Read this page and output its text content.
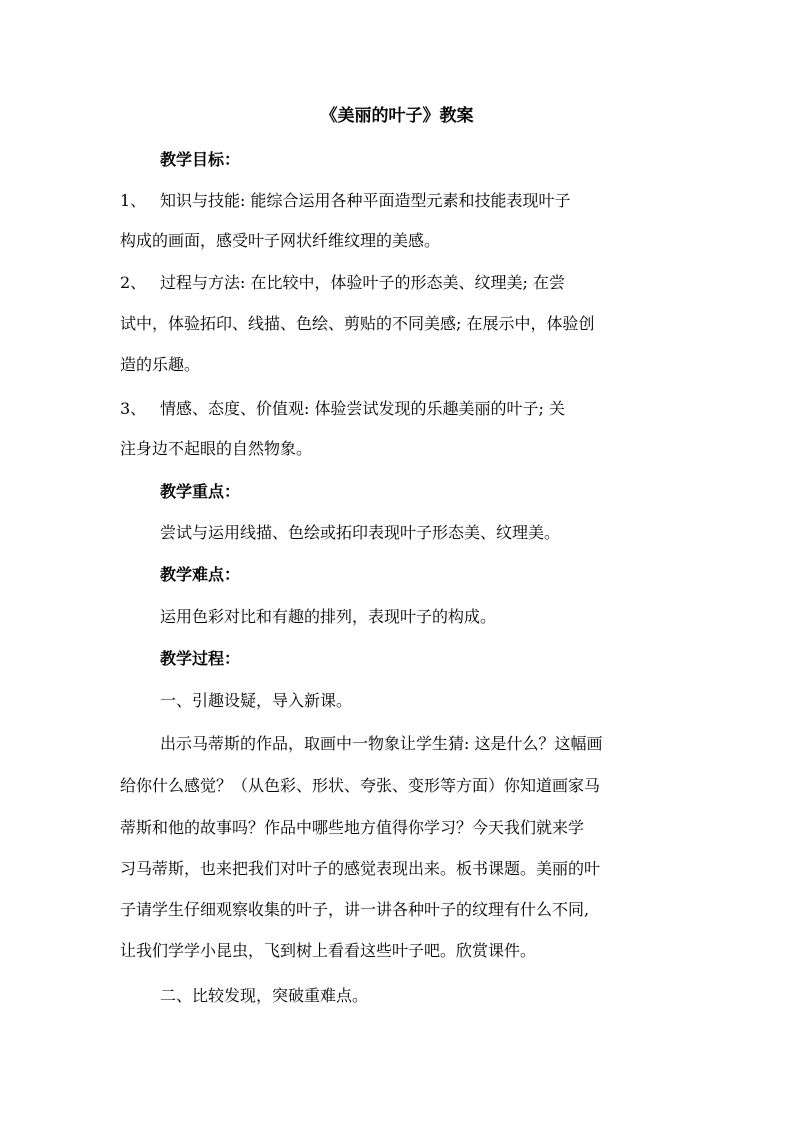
《美丽的叶子》教案
教学目标：
1、 知识与技能: 能综合运用各种平面造型元素和技能表现叶子
构成的画面，感受叶子网状纤维纹理的美感。
2、 过程与方法: 在比较中，体验叶子的形态美、纹理美; 在尝
试中，体验拓印、线描、色绘、剪贴的不同美感; 在展示中，体验创
造的乐趣。
3、 情感、态度、价值观: 体验尝试发现的乐趣美丽的叶子; 关
注身边不起眼的自然物象。
教学重点：
尝试与运用线描、色绘或拓印表现叶子形态美、纹理美。
教学难点：
运用色彩对比和有趣的排列，表现叶子的构成。
教学过程：
一、引趣设疑，导入新课。
出示马蒂斯的作品，取画中一物象让学生猜: 这是什么？这幅画
给你什么感觉？（从色彩、形状、夸张、变形等方面）你知道画家马
蒂斯和他的故事吗？作品中哪些地方值得你学习？今天我们就来学
习马蒂斯，也来把我们对叶子的感觉表现出来。板书课题。美丽的叶
子请学生仔细观察收集的叶子，讲一讲各种叶子的纹理有什么不同,
让我们学学小昆虫，飞到树上看看这些叶子吧。欣赏课件。
二、比较发现，突破重难点。
